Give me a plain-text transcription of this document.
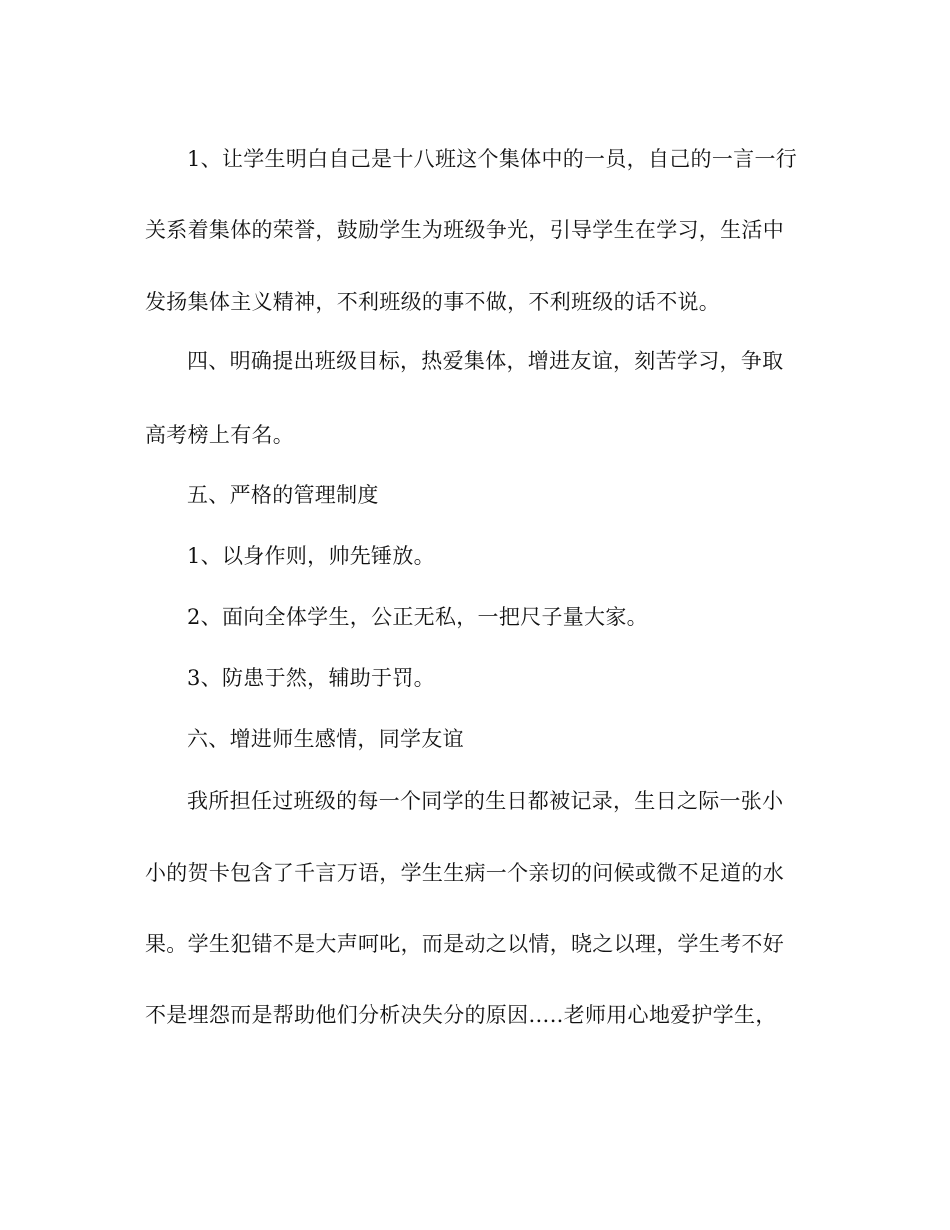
1、让学生明白自己是十八班这个集体中的一员，自己的一言一行
关系着集体的荣誉，鼓励学生为班级争光，引导学生在学习，生活中
发扬集体主义精神，不利班级的事不做，不利班级的话不说。
四、明确提出班级目标，热爱集体，增进友谊，刻苦学习，争取
高考榜上有名。
五、严格的管理制度
1、以身作则，帅先锤放。
2、面向全体学生，公正无私，一把尺子量大家。
3、防患于然，辅助于罚。
六、增进师生感情，同学友谊
我所担任过班级的每一个同学的生日都被记录，生日之际一张小
小的贺卡包含了千言万语，学生生病一个亲切的问候或微不足道的水
果。学生犯错不是大声呵叱，而是动之以情，晓之以理，学生考不好
不是埋怨而是帮助他们分析决失分的原因…..老师用心地爱护学生，
